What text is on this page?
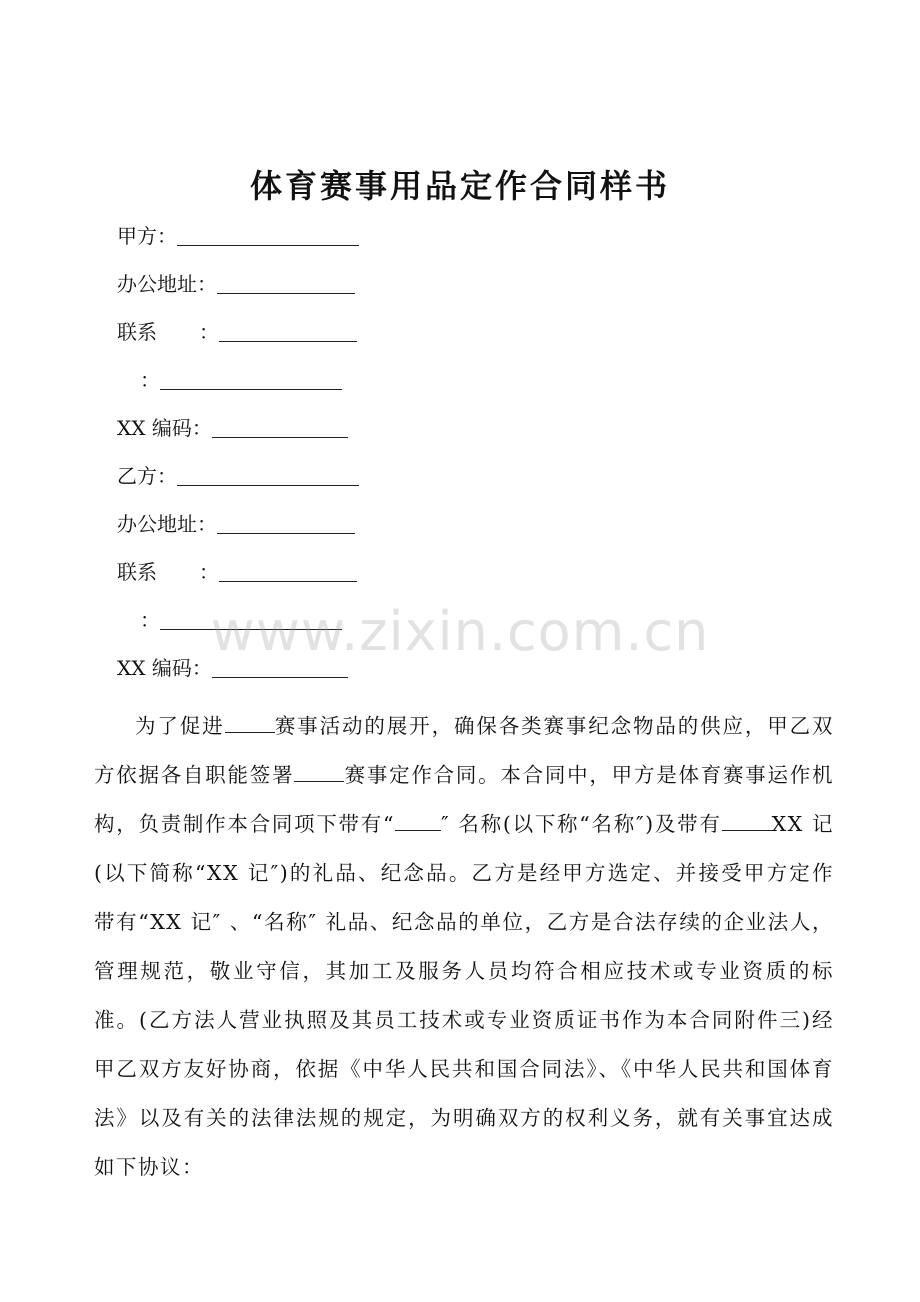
体育赛事用品定作合同样书
甲方：
办公地址：
联系 ：
：
XX 编码：
乙方：
办公地址：
联系 ：
：
XX 编码：

为了促进 赛事活动的展开，确保各类赛事纪念物品的供应，甲乙双方依据各自职能签署 赛事定作合同。本合同中，甲方是体育赛事运作机构，负责制作本合同项下带有“ ″ 名称(以下称“名称″)及带有 XX 记(以下简称“XX 记″)的礼品、纪念品。乙方是经甲方选定、并接受甲方定作带有“XX 记″ 、“名称″ 礼品、纪念品的单位，乙方是合法存续的企业法人，管理规范，敬业守信，其加工及服务人员均符合相应技术或专业资质的标准。(乙方法人营业执照及其员工技术或专业资质证书作为本合同附件三)经甲乙双方友好协商，依据《中华人民共和国合同法》、《中华人民共和国体育法》以及有关的法律法规的规定，为明确双方的权利义务，就有关事宜达成如下协议：

www.zixin.com.cn
